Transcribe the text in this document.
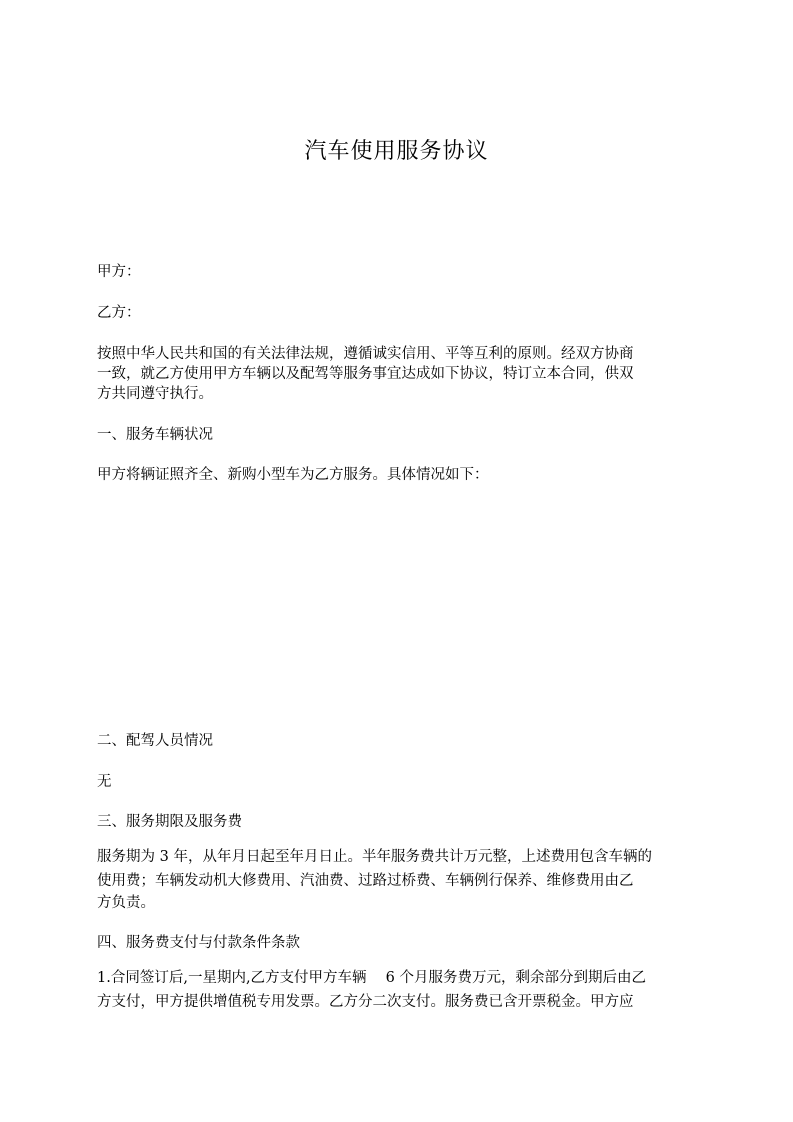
汽车使用服务协议

甲方：

乙方：

按照中华人民共和国的有关法律法规，遵循诚实信用、平等互利的原则。经双方协商

一致，就乙方使用甲方车辆以及配驾等服务事宜达成如下协议，特订立本合同，供双

方共同遵守执行。

一、服务车辆状况

甲方将辆证照齐全、新购小型车为乙方服务。具体情况如下：

二、配驾人员情况

无

三、服务期限及服务费

服务期为 3 年，从年月日起至年月日止。半年服务费共计万元整，上述费用包含车辆的

使用费；车辆发动机大修费用、汽油费、过路过桥费、车辆例行保养、维修费用由乙

方负责。

四、服务费支付与付款条件条款

1.合同签订后,一星期内,乙方支付甲方车辆　 6 个月服务费万元，剩余部分到期后由乙

方支付，甲方提供增值税专用发票。乙方分二次支付。服务费已含开票税金。甲方应
